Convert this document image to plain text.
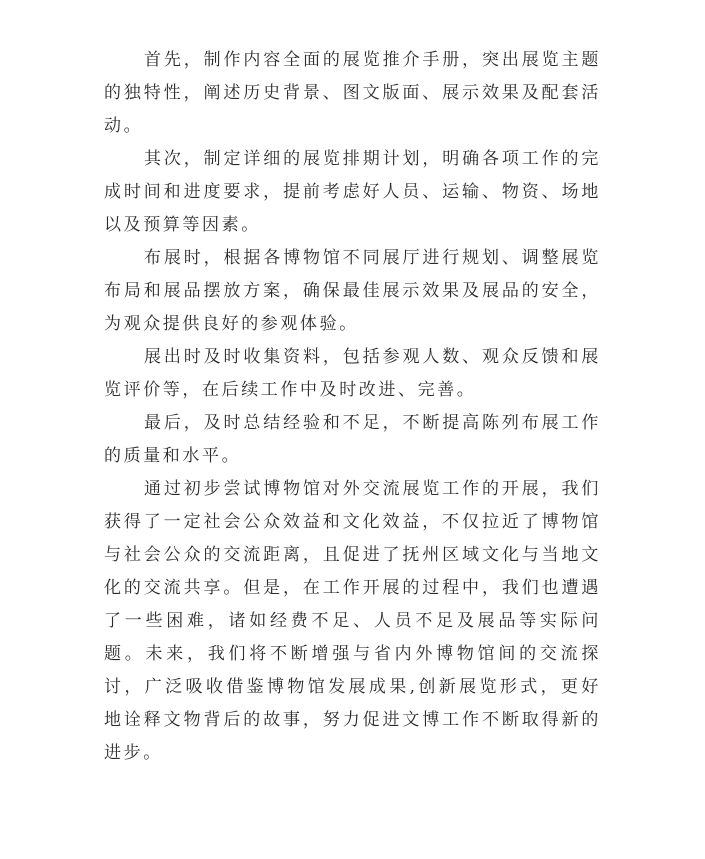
首先，制作内容全面的展览推介手册，突出展览主题的独特性，阐述历史背景、图文版面、展示效果及配套活动。

其次，制定详细的展览排期计划，明确各项工作的完成时间和进度要求，提前考虑好人员、运输、物资、场地以及预算等因素。

布展时，根据各博物馆不同展厅进行规划、调整展览布局和展品摆放方案，确保最佳展示效果及展品的安全，为观众提供良好的参观体验。

展出时及时收集资料，包括参观人数、观众反馈和展览评价等，在后续工作中及时改进、完善。

最后，及时总结经验和不足，不断提高陈列布展工作的质量和水平。

通过初步尝试博物馆对外交流展览工作的开展，我们获得了一定社会公众效益和文化效益，不仅拉近了博物馆与社会公众的交流距离，且促进了抚州区域文化与当地文化的交流共享。但是，在工作开展的过程中，我们也遭遇了一些困难，诸如经费不足、人员不足及展品等实际问题。未来，我们将不断增强与省内外博物馆间的交流探讨，广泛吸收借鉴博物馆发展成果,创新展览形式，更好地诠释文物背后的故事，努力促进文博工作不断取得新的进步。
